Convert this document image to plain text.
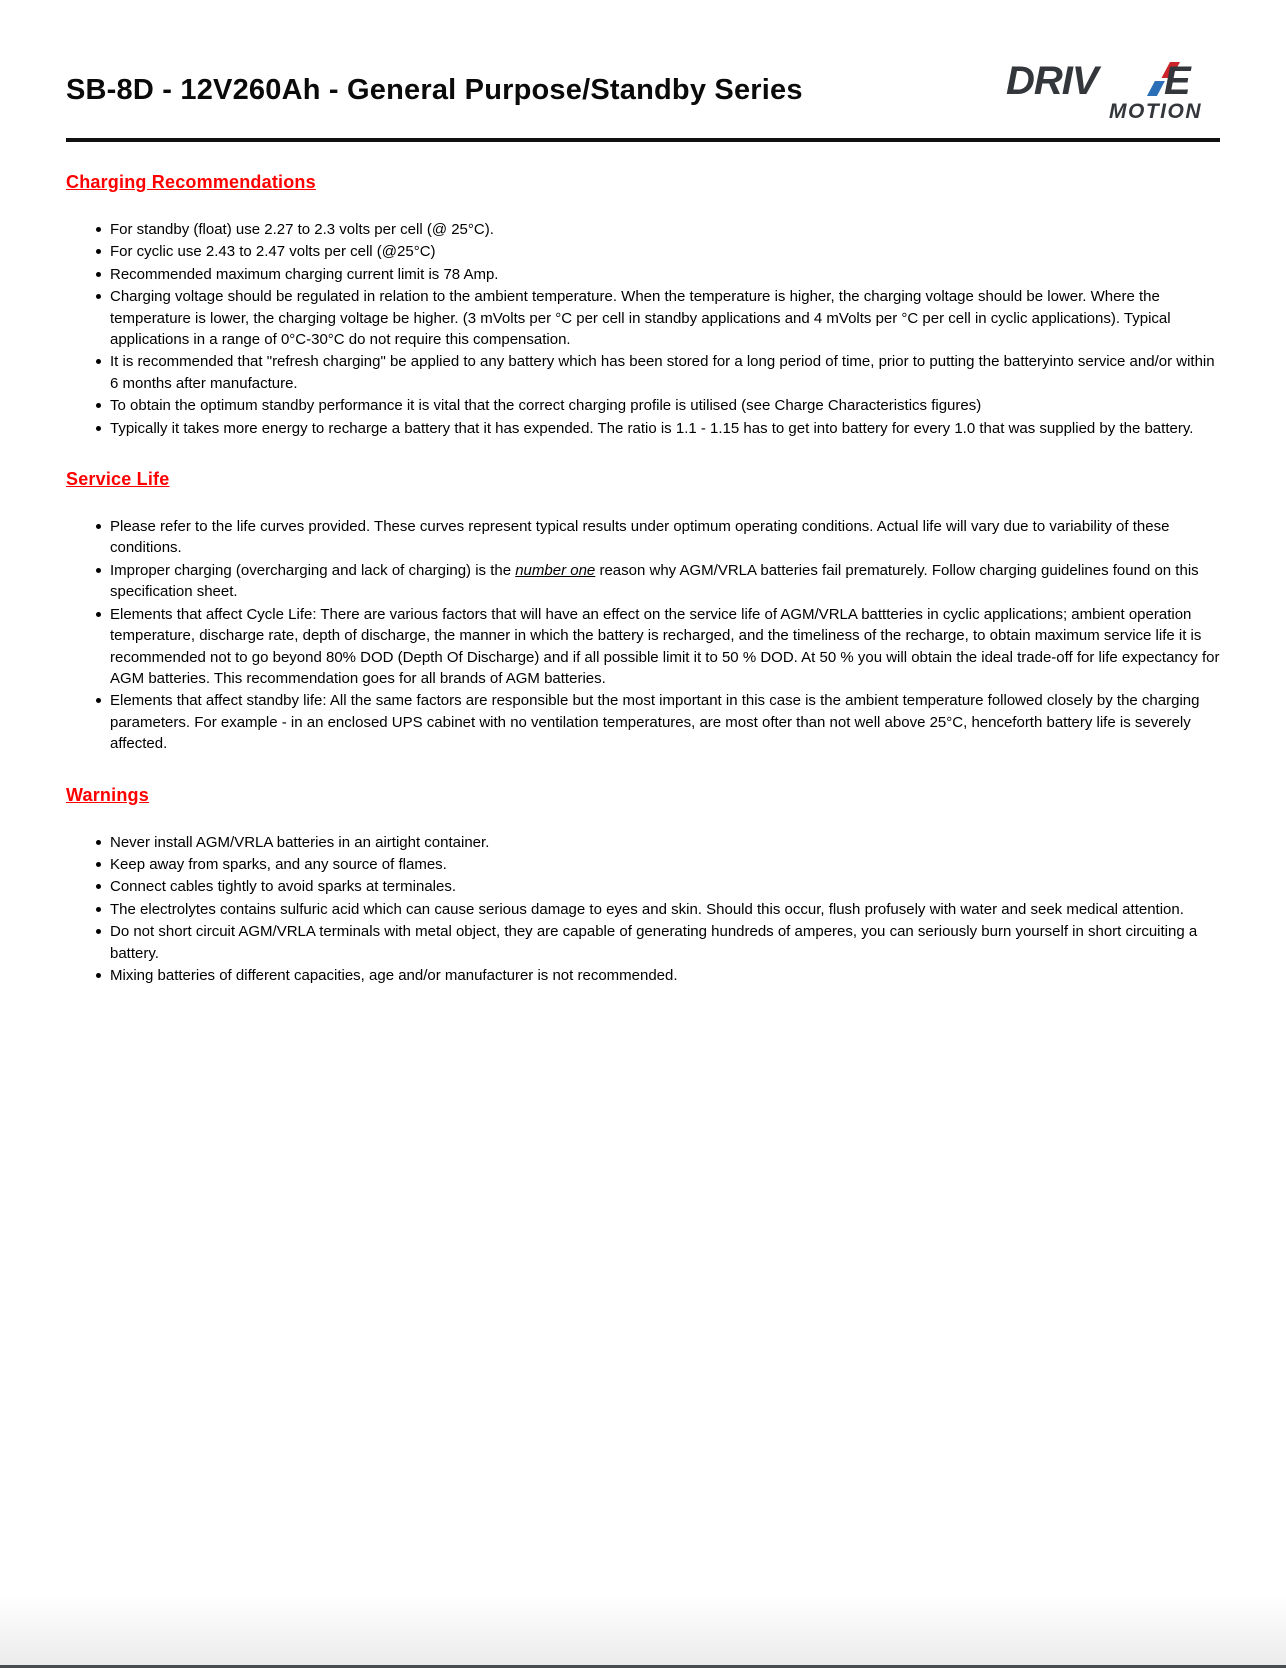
SB-8D - 12V260Ah - General Purpose/Standby Series	DRIV E
MOTION
Charging Recommendations
For standby (float) use 2.27 to 2.3 volts per cell (@ 25°C).
For cyclic use 2.43 to 2.47 volts per cell (@25°C)
Recommended maximum charging current limit is 78 Amp.
Charging voltage should be regulated in relation to the ambient temperature. When the temperature is higher, the charging voltage should be lower. Where the temperature is lower, the charging voltage be higher. (3 mVolts per °C per cell in standby applications and 4 mVolts per °C per cell in cyclic applications). Typical applications in a range of 0°C-30°C do not require this compensation.
It is recommended that "refresh charging" be applied to any battery which has been stored for a long period of time, prior to putting the batteryinto service and/or within 6 months after manufacture.
To obtain the optimum standby performance it is vital that the correct charging profile is utilised (see Charge Characteristics figures)
Typically it takes more energy to recharge a battery that it has expended. The ratio is 1.1 - 1.15 has to get into battery for every 1.0 that was supplied by the battery.
Service Life
Please refer to the life curves provided. These curves represent typical results under optimum operating conditions. Actual life will vary due to variability of these conditions.
Improper charging (overcharging and lack of charging) is the number one reason why AGM/VRLA batteries fail prematurely. Follow charging guidelines found on this specification sheet.
Elements that affect Cycle Life: There are various factors that will have an effect on the service life of AGM/VRLA battteries in cyclic applications; ambient operation temperature, discharge rate, depth of discharge, the manner in which the battery is recharged, and the timeliness of the recharge, to obtain maximum service life it is recommended not to go beyond 80% DOD (Depth Of Discharge) and if all possible limit it to 50 % DOD. At 50 % you will obtain the ideal trade-off for life expectancy for AGM batteries. This recommendation goes for all brands of AGM batteries.
Elements that affect standby life: All the same factors are responsible but the most important in this case is the ambient temperature followed closely by the charging parameters. For example - in an enclosed UPS cabinet with no ventilation temperatures, are most ofter than not well above 25°C, henceforth battery life is severely affected.
Warnings
Never install AGM/VRLA batteries in an airtight container.
Keep away from sparks, and any source of flames.
Connect cables tightly to avoid sparks at terminales.
The electrolytes contains sulfuric acid which can cause serious damage to eyes and skin. Should this occur, flush profusely with water and seek medical attention.
Do not short circuit AGM/VRLA terminals with metal object, they are capable of generating hundreds of amperes, you can seriously burn yourself in short circuiting a battery.
Mixing batteries of different capacities, age and/or manufacturer is not recommended.
